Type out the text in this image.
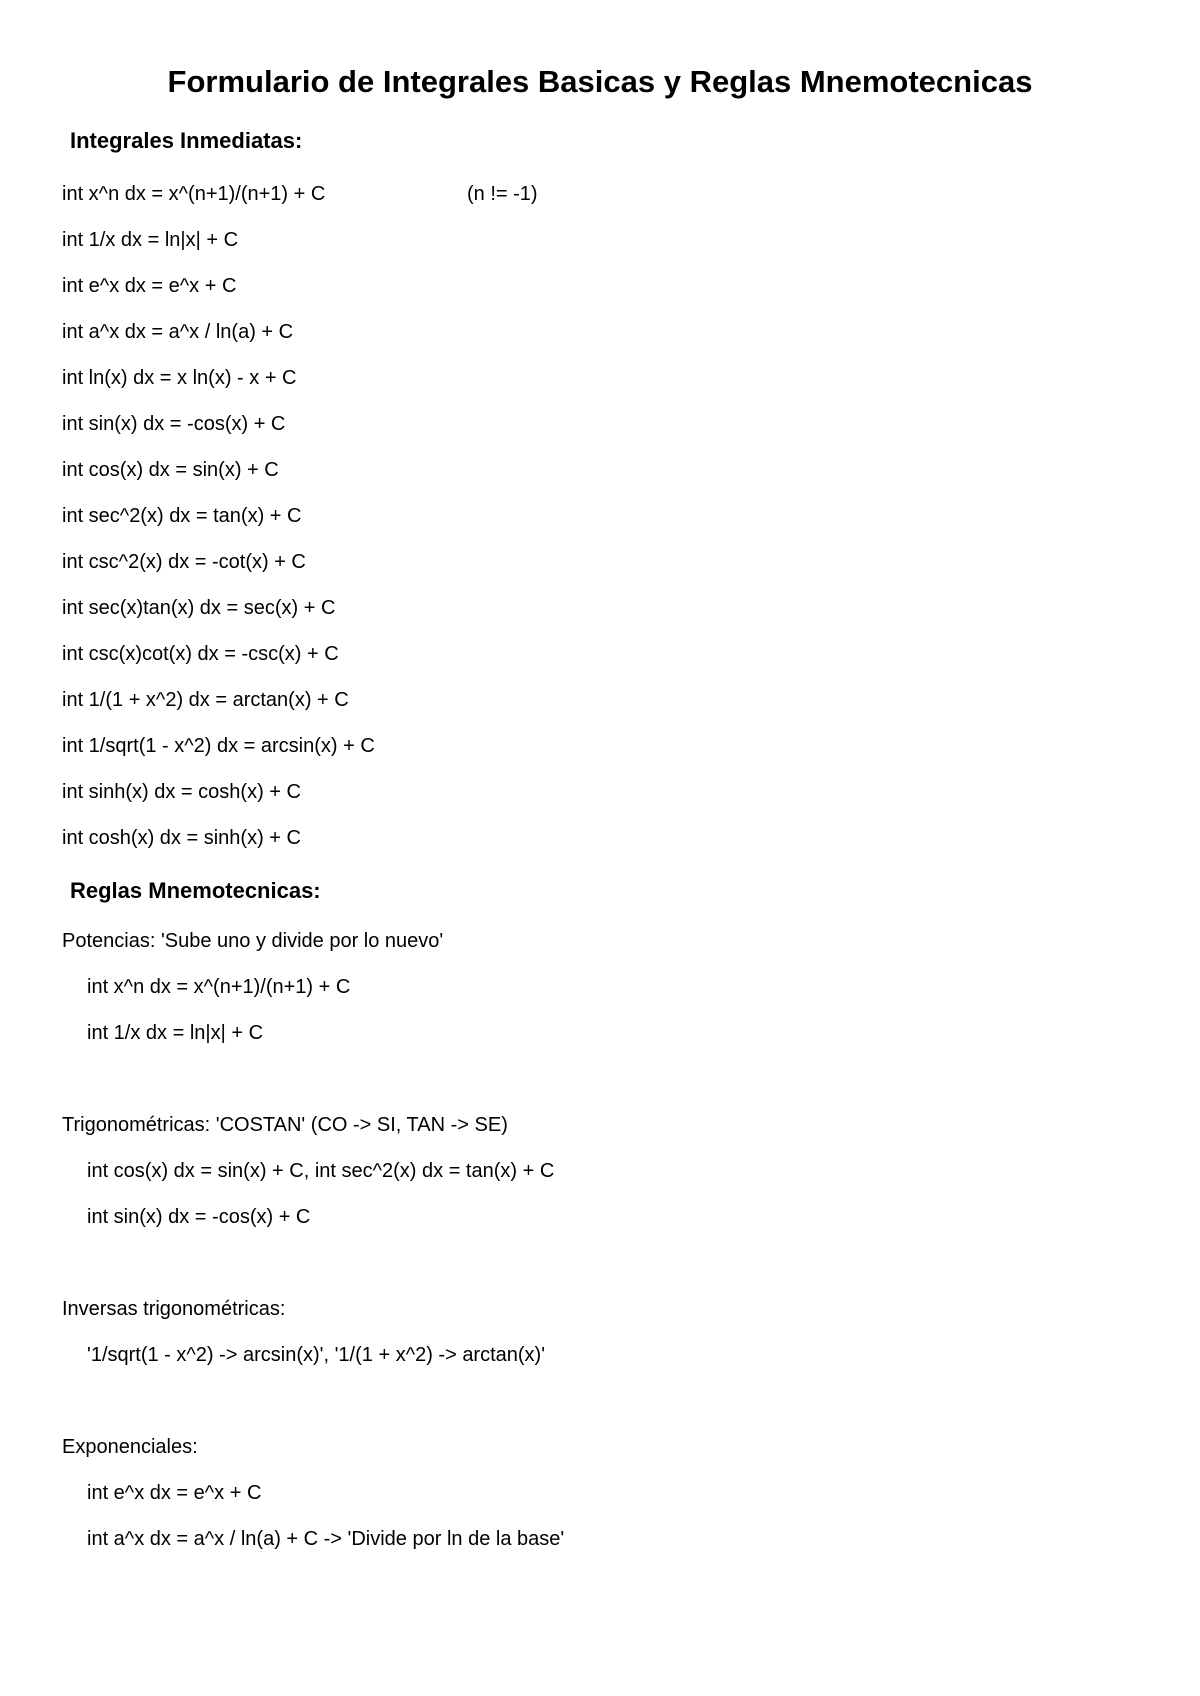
Formulario de Integrales Basicas y Reglas Mnemotecnicas
Integrales Inmediatas:
int x^n dx = x^(n+1)/(n+1) + C	(n != -1)
int 1/x dx = ln|x| + C
int e^x dx = e^x + C
int a^x dx = a^x / ln(a) + C
int ln(x) dx = x ln(x) - x + C
int sin(x) dx = -cos(x) + C
int cos(x) dx = sin(x) + C
int sec^2(x) dx = tan(x) + C
int csc^2(x) dx = -cot(x) + C
int sec(x)tan(x) dx = sec(x) + C
int csc(x)cot(x) dx = -csc(x) + C
int 1/(1 + x^2) dx = arctan(x) + C
int 1/sqrt(1 - x^2) dx = arcsin(x) + C
int sinh(x) dx = cosh(x) + C
int cosh(x) dx = sinh(x) + C
Reglas Mnemotecnicas:
Potencias: 'Sube uno y divide por lo nuevo'
int x^n dx = x^(n+1)/(n+1) + C
int 1/x dx = ln|x| + C
Trigonométricas: 'COSTAN' (CO -> SI, TAN -> SE)
int cos(x) dx = sin(x) + C, int sec^2(x) dx = tan(x) + C
int sin(x) dx = -cos(x) + C
Inversas trigonométricas:
'1/sqrt(1 - x^2) -> arcsin(x)', '1/(1 + x^2) -> arctan(x)'
Exponenciales:
int e^x dx = e^x + C
int a^x dx = a^x / ln(a) + C -> 'Divide por ln de la base'
